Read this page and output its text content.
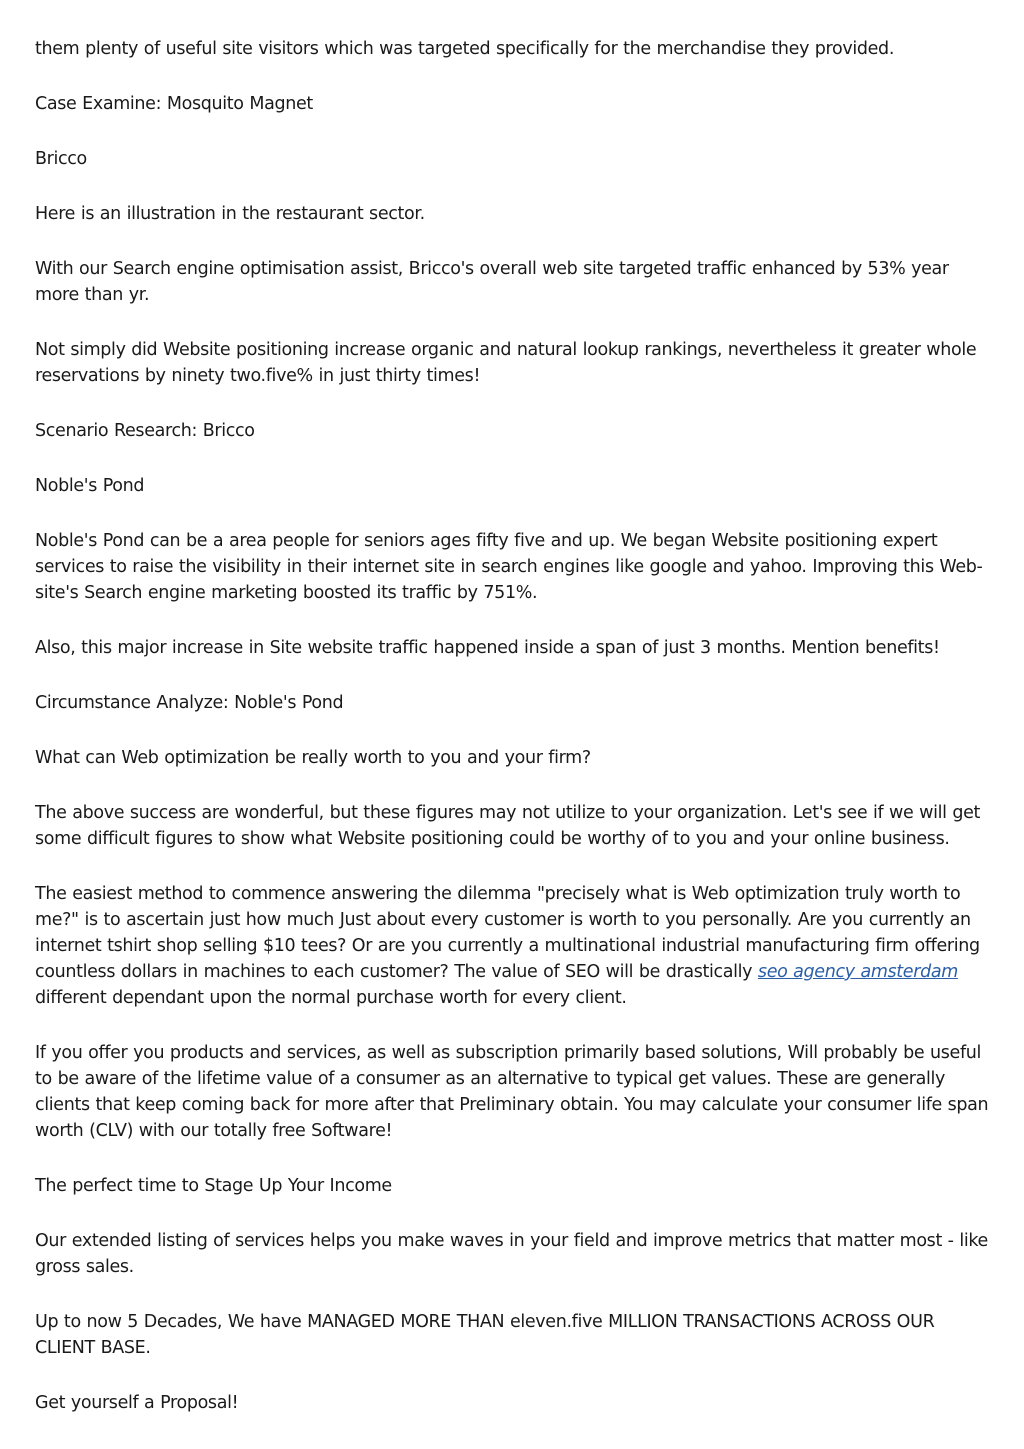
them plenty of useful site visitors which was targeted specifically for the merchandise they provided.

Case Examine: Mosquito Magnet

Bricco

Here is an illustration in the restaurant sector.

With our Search engine optimisation assist, Bricco's overall web site targeted traffic enhanced by 53% year more than yr.

Not simply did Website positioning increase organic and natural lookup rankings, nevertheless it greater whole reservations by ninety two.five% in just thirty times!

Scenario Research: Bricco

Noble's Pond

Noble's Pond can be a area people for seniors ages fifty five and up. We began Website positioning expert services to raise the visibility in their internet site in search engines like google and yahoo. Improving this Web-site's Search engine marketing boosted its traffic by 751%.

Also, this major increase in Site website traffic happened inside a span of just 3 months. Mention benefits!

Circumstance Analyze: Noble's Pond

What can Web optimization be really worth to you and your firm?

The above success are wonderful, but these figures may not utilize to your organization. Let's see if we will get some difficult figures to show what Website positioning could be worthy of to you and your online business.

The easiest method to commence answering the dilemma "precisely what is Web optimization truly worth to me?" is to ascertain just how much Just about every customer is worth to you personally. Are you currently an internet tshirt shop selling $10 tees? Or are you currently a multinational industrial manufacturing firm offering countless dollars in machines to each customer? The value of SEO will be drastically seo agency amsterdam different dependant upon the normal purchase worth for every client.

If you offer you products and services, as well as subscription primarily based solutions, Will probably be useful to be aware of the lifetime value of a consumer as an alternative to typical get values. These are generally clients that keep coming back for more after that Preliminary obtain. You may calculate your consumer life span worth (CLV) with our totally free Software!

The perfect time to Stage Up Your Income

Our extended listing of services helps you make waves in your field and improve metrics that matter most - like gross sales.

Up to now 5 Decades, We have MANAGED MORE THAN eleven.five MILLION TRANSACTIONS ACROSS OUR CLIENT BASE.

Get yourself a Proposal!
